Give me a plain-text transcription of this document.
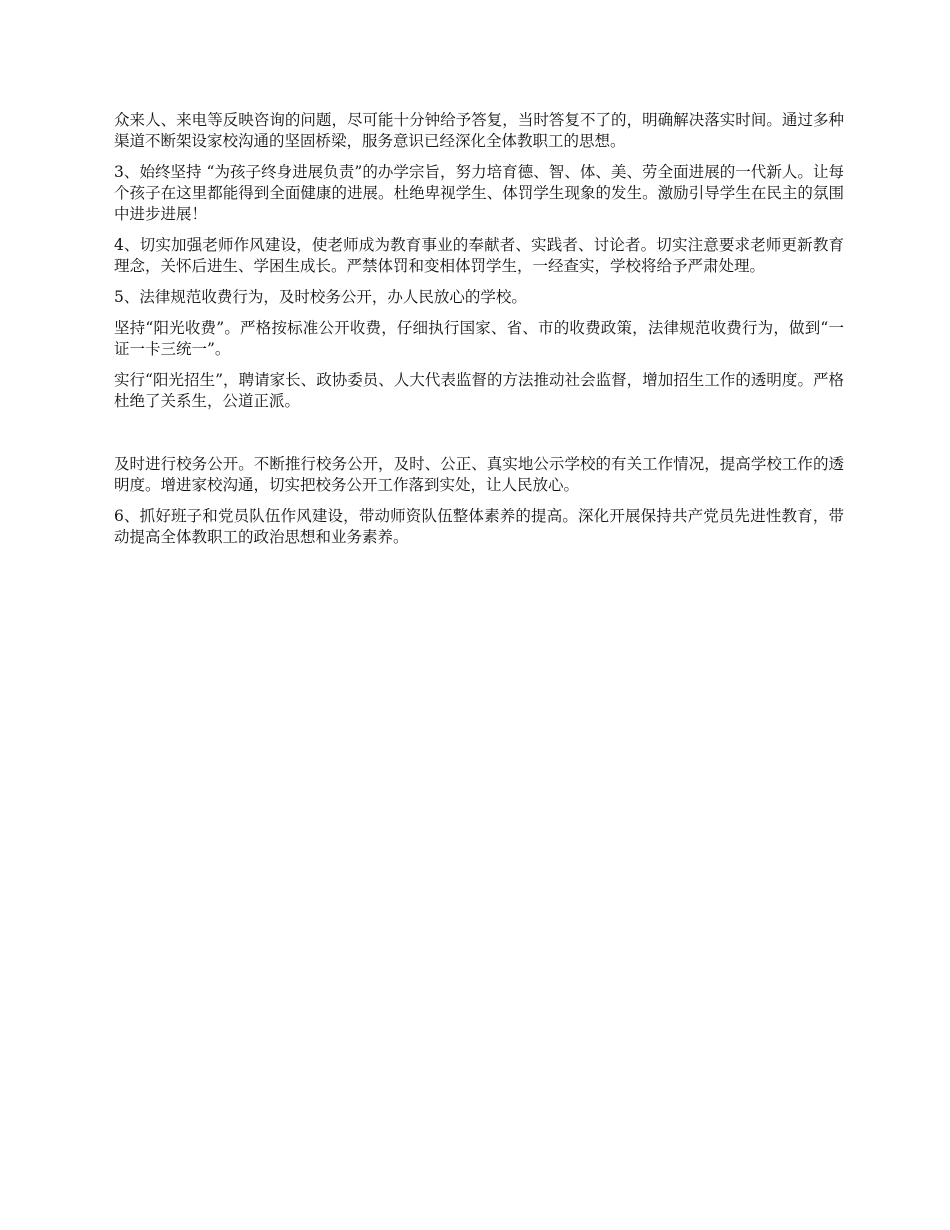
众来人、来电等反映咨询的问题，尽可能十分钟给予答复，当时答复不了的，明确解决落实时间。通过多种渠道不断架设家校沟通的坚固桥梁，服务意识已经深化全体教职工的思想。

3、始终坚持 “为孩子终身进展负责”的办学宗旨，努力培育德、智、体、美、劳全面进展的一代新人。让每个孩子在这里都能得到全面健康的进展。杜绝卑视学生、体罚学生现象的发生。激励引导学生在民主的氛围中进步进展！

4、切实加强老师作风建设，使老师成为教育事业的奉献者、实践者、讨论者。切实注意要求老师更新教育理念，关怀后进生、学困生成长。严禁体罚和变相体罚学生，一经查实，学校将给予严肃处理。

5、法律规范收费行为，及时校务公开，办人民放心的学校。

坚持“阳光收费”。严格按标准公开收费，仔细执行国家、省、市的收费政策，法律规范收费行为，做到“一证一卡三统一”。

实行“阳光招生”，聘请家长、政协委员、人大代表监督的方法推动社会监督，增加招生工作的透明度。严格杜绝了关系生，公道正派。

及时进行校务公开。不断推行校务公开，及时、公正、真实地公示学校的有关工作情况，提高学校工作的透明度。增进家校沟通，切实把校务公开工作落到实处，让人民放心。

6、抓好班子和党员队伍作风建设，带动师资队伍整体素养的提高。深化开展保持共产党员先进性教育，带动提高全体教职工的政治思想和业务素养。
